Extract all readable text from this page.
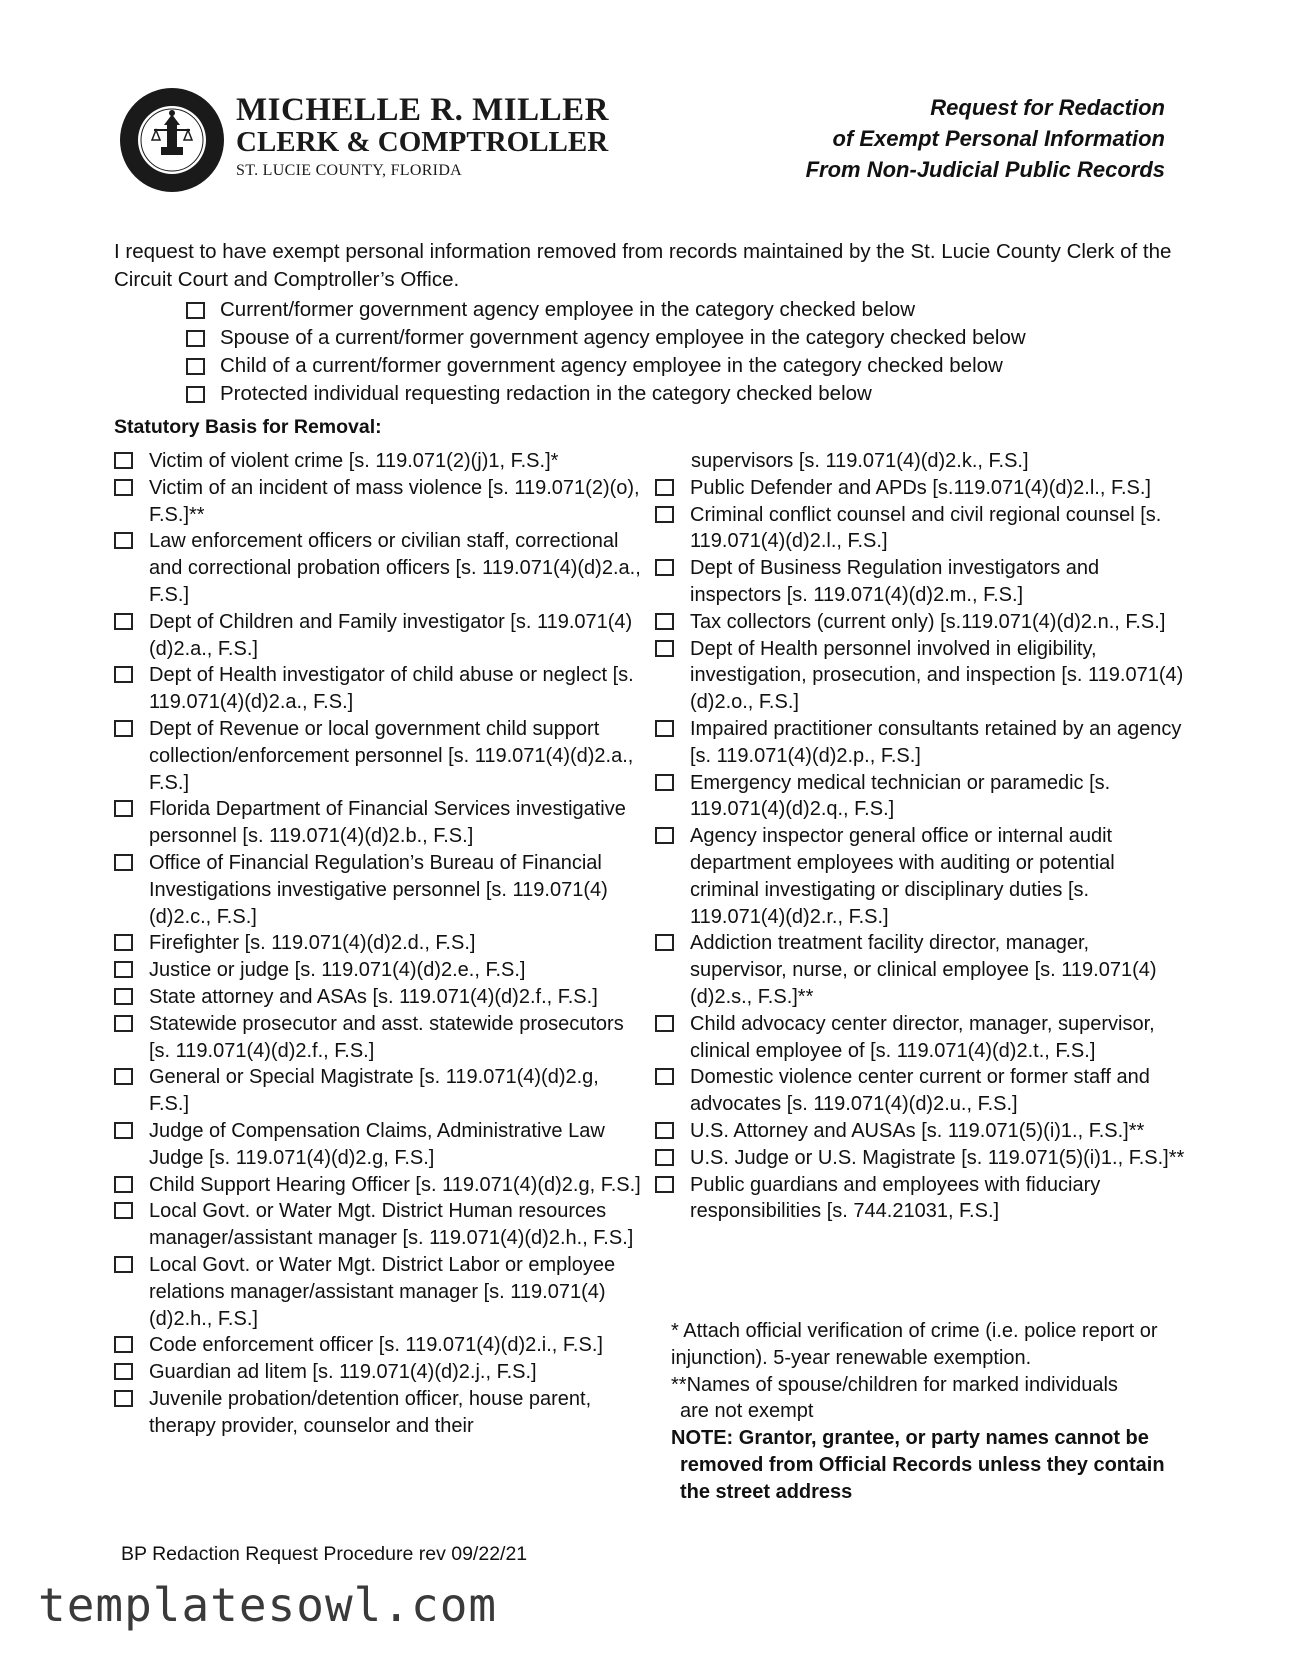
MICHELLE R. MILLER
CLERK & COMPTROLLER
ST. LUCIE COUNTY, FLORIDA
Request for Redaction
of Exempt Personal Information
From Non-Judicial Public Records
I request to have exempt personal information removed from records maintained by the St. Lucie County Clerk of the Circuit Court and Comptroller’s Office.
Current/former government agency employee in the category checked below
Spouse of a current/former government agency employee in the category checked below
Child of a current/former government agency employee in the category checked below
Protected individual requesting redaction in the category checked below
Statutory Basis for Removal:
Victim of violent crime [s. 119.071(2)(j)1, F.S.]*
Victim of an incident of mass violence [s. 119.071(2)(o), F.S.]**
Law enforcement officers or civilian staff, correctional and correctional probation officers [s. 119.071(4)(d)2.a., F.S.]
Dept of Children and Family investigator [s. 119.071(4)(d)2.a., F.S.]
Dept of Health investigator of child abuse or neglect [s. 119.071(4)(d)2.a., F.S.]
Dept of Revenue or local government child support collection/enforcement personnel [s. 119.071(4)(d)2.a., F.S.]
Florida Department of Financial Services investigative personnel [s. 119.071(4)(d)2.b., F.S.]
Office of Financial Regulation’s Bureau of Financial Investigations investigative personnel [s. 119.071(4)(d)2.c., F.S.]
Firefighter [s. 119.071(4)(d)2.d., F.S.]
Justice or judge [s. 119.071(4)(d)2.e., F.S.]
State attorney and ASAs [s. 119.071(4)(d)2.f., F.S.]
Statewide prosecutor and asst. statewide prosecutors [s. 119.071(4)(d)2.f., F.S.]
General or Special Magistrate [s. 119.071(4)(d)2.g, F.S.]
Judge of Compensation Claims, Administrative Law Judge [s. 119.071(4)(d)2.g, F.S.]
Child Support Hearing Officer [s. 119.071(4)(d)2.g, F.S.]
Local Govt. or Water Mgt. District Human resources manager/assistant manager [s. 119.071(4)(d)2.h., F.S.]
Local Govt. or Water Mgt. District Labor or employee relations manager/assistant manager [s. 119.071(4)(d)2.h., F.S.]
Code enforcement officer [s. 119.071(4)(d)2.i., F.S.]
Guardian ad litem [s. 119.071(4)(d)2.j., F.S.]
Juvenile probation/detention officer, house parent, therapy provider, counselor and their
supervisors [s. 119.071(4)(d)2.k., F.S.]
Public Defender and APDs [s.119.071(4)(d)2.l., F.S.]
Criminal conflict counsel and civil regional counsel [s. 119.071(4)(d)2.l., F.S.]
Dept of Business Regulation investigators and inspectors [s. 119.071(4)(d)2.m., F.S.]
Tax collectors (current only) [s.119.071(4)(d)2.n., F.S.]
Dept of Health personnel involved in eligibility, investigation, prosecution, and inspection [s. 119.071(4)(d)2.o., F.S.]
Impaired practitioner consultants retained by an agency [s. 119.071(4)(d)2.p., F.S.]
Emergency medical technician or paramedic [s. 119.071(4)(d)2.q., F.S.]
Agency inspector general office or internal audit department employees with auditing or potential criminal investigating or disciplinary duties [s. 119.071(4)(d)2.r., F.S.]
Addiction treatment facility director, manager, supervisor, nurse, or clinical employee [s. 119.071(4)(d)2.s., F.S.]**
Child advocacy center director, manager, supervisor, clinical employee of [s. 119.071(4)(d)2.t., F.S.]
Domestic violence center current or former staff and advocates [s. 119.071(4)(d)2.u., F.S.]
U.S. Attorney and AUSAs [s. 119.071(5)(i)1., F.S.]**
U.S. Judge or U.S. Magistrate [s. 119.071(5)(i)1., F.S.]**
Public guardians and employees with fiduciary responsibilities [s. 744.21031, F.S.]
* Attach official verification of crime (i.e. police report or injunction). 5-year renewable exemption.
**Names of spouse/children for marked individuals
are not exempt
NOTE: Grantor, grantee, or party names cannot be
removed from Official Records unless they contain the street address
BP Redaction Request Procedure rev 09/22/21
templatesowl.com
